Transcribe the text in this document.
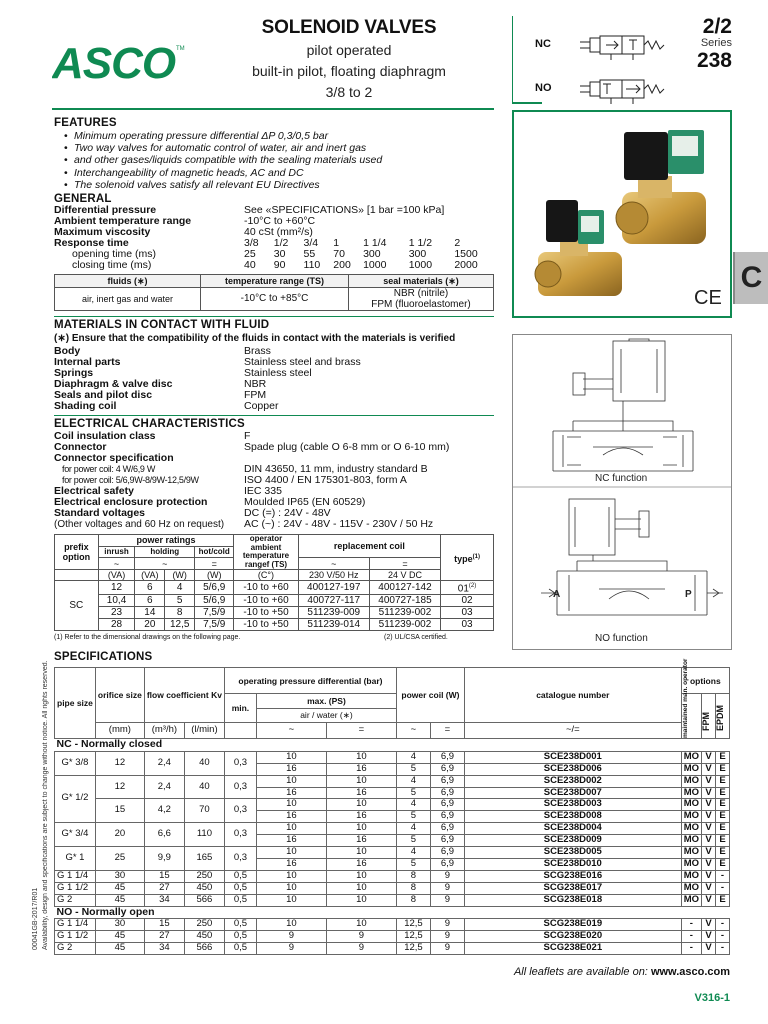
ASCO TM
SOLENOID VALVES
pilot operated
built-in pilot, floating diaphragm
3/8 to 2
NC
NO
2/2
Series
238
C
CE
NC function
A	P
NO function
FEATURES
• Minimum operating pressure differential ΔP 0,3/0,5 bar
• Two way valves for automatic control of water, air and inert gas
• and other gases/liquids compatible with the sealing materials used
• Interchangeability of magnetic heads, AC and DC
• The solenoid valves satisfy all relevant EU Directives
GENERAL
Differential pressure	See «SPECIFICATIONS» [1 bar =100 kPa]
Ambient temperature range	-10°C to +60°C
Maximum viscosity	40 cSt (mm²/s)
Response time	3/8	1/2	3/4	1	1 1/4	1 1/2	2
opening time (ms)	25	30	55	70	300	300	1500
closing time (ms)	40	90	110	200	1000	1000	2000
fluids (∗)	temperature range (TS)	seal materials (∗)
air, inert gas and water	-10°C to +85°C	NBR (nitrile)
FPM (fluoroelastomer)
MATERIALS IN CONTACT WITH FLUID
(∗) Ensure that the compatibility of the fluids in contact with the materials is verified
Body	Brass
Internal parts	Stainless steel and brass
Springs	Stainless steel
Diaphragm & valve disc	NBR
Seals and pilot disc	FPM
Shading coil	Copper
ELECTRICAL CHARACTERISTICS
Coil insulation class	F
Connector	Spade plug (cable O 6-8 mm or O 6-10 mm)
Connector specification
for power coil: 4 W/6,9 W	DIN 43650, 11 mm, industry standard B
for power coil: 5/6,9W-8/9W-12,5/9W	ISO 4400 / EN 175301-803, form A
Electrical safety	IEC 335
Electrical enclosure protection	Moulded IP65 (EN 60529)
Standard voltages	DC (=) : 24V - 48V
(Other voltages and 60 Hz on request)	AC (~) : 24V - 48V - 115V - 230V / 50 Hz
prefix option	power ratings				operator ambient temperature rangef (TS)	replacement coil		type$^{(1)}$
	inrush	holding		hot/cold				
	~	~		=		~	=	
	(VA)	(VA)	(W)	(W)	(C°)	230 V/50 Hz	24 V DC	
SC	12	6	4	5/6,9	-10 to +60	400127-197	400127-142	01$^{(2)}$
	10,4	6	5	5/6,9	-10 to +60	400727-117	400727-185	02
	23	14	8	7,5/9	-10 to +50	511239-009	511239-002	03
	28	20	12,5	7,5/9	-10 to +50	511239-014	511239-002	03
(1) Refer to the dimensional drawings on the following page.	(2) UL/CSA certified.
SPECIFICATIONS
Availability, design and specifications are subject to change without notice. All rights reserved.
00041GB-2017/R01
pipe size	orifice size	flow coefficient Kv		operating pressure differential (bar)			power coil (W)		catalogue number	options		
				min.	max. (PS)					maintained man. operator	FPM	EPDM

					air / water (∗)							
	(mm)	(m³/h)	(l/min)		~	=	~	=	~/=			
NC - Normally closed												
G* 3/8	12	2,4	40	0,3	10	10	4	6,9	SCE238D001	MO	V	E
					16	16	5	6,9	SCE238D006	MO	V	E
G* 1/2	12	2,4	40	0,3	10	10	4	6,9	SCE238D002	MO	V	E
					16	16	5	6,9	SCE238D007	MO	V	E
	15	4,2	70	0,3	10	10	4	6,9	SCE238D003	MO	V	E
					16	16	5	6,9	SCE238D008	MO	V	E
G* 3/4	20	6,6	110	0,3	10	10	4	6,9	SCE238D004	MO	V	E
					16	16	5	6,9	SCE238D009	MO	V	E
G* 1	25	9,9	165	0,3	10	10	4	6,9	SCE238D005	MO	V	E
					16	16	5	6,9	SCE238D010	MO	V	E
G 1 1/4	30	15	250	0,5	10	10	8	9	SCG238E016	MO	V	-
G 1 1/2	45	27	450	0,5	10	10	8	9	SCG238E017	MO	V	-
G 2	45	34	566	0,5	10	10	8	9	SCG238E018	MO	V	E
NO - Normally open												
G 1 1/4	30	15	250	0,5	10	10	12,5	9	SCG238E019	-	V	-
G 1 1/2	45	27	450	0,5	9	9	12,5	9	SCG238E020	-	V	-
G 2	45	34	566	0,5	9	9	12,5	9	SCG238E021	-	V	-
All leaflets are available on: www.asco.com
V316-1
